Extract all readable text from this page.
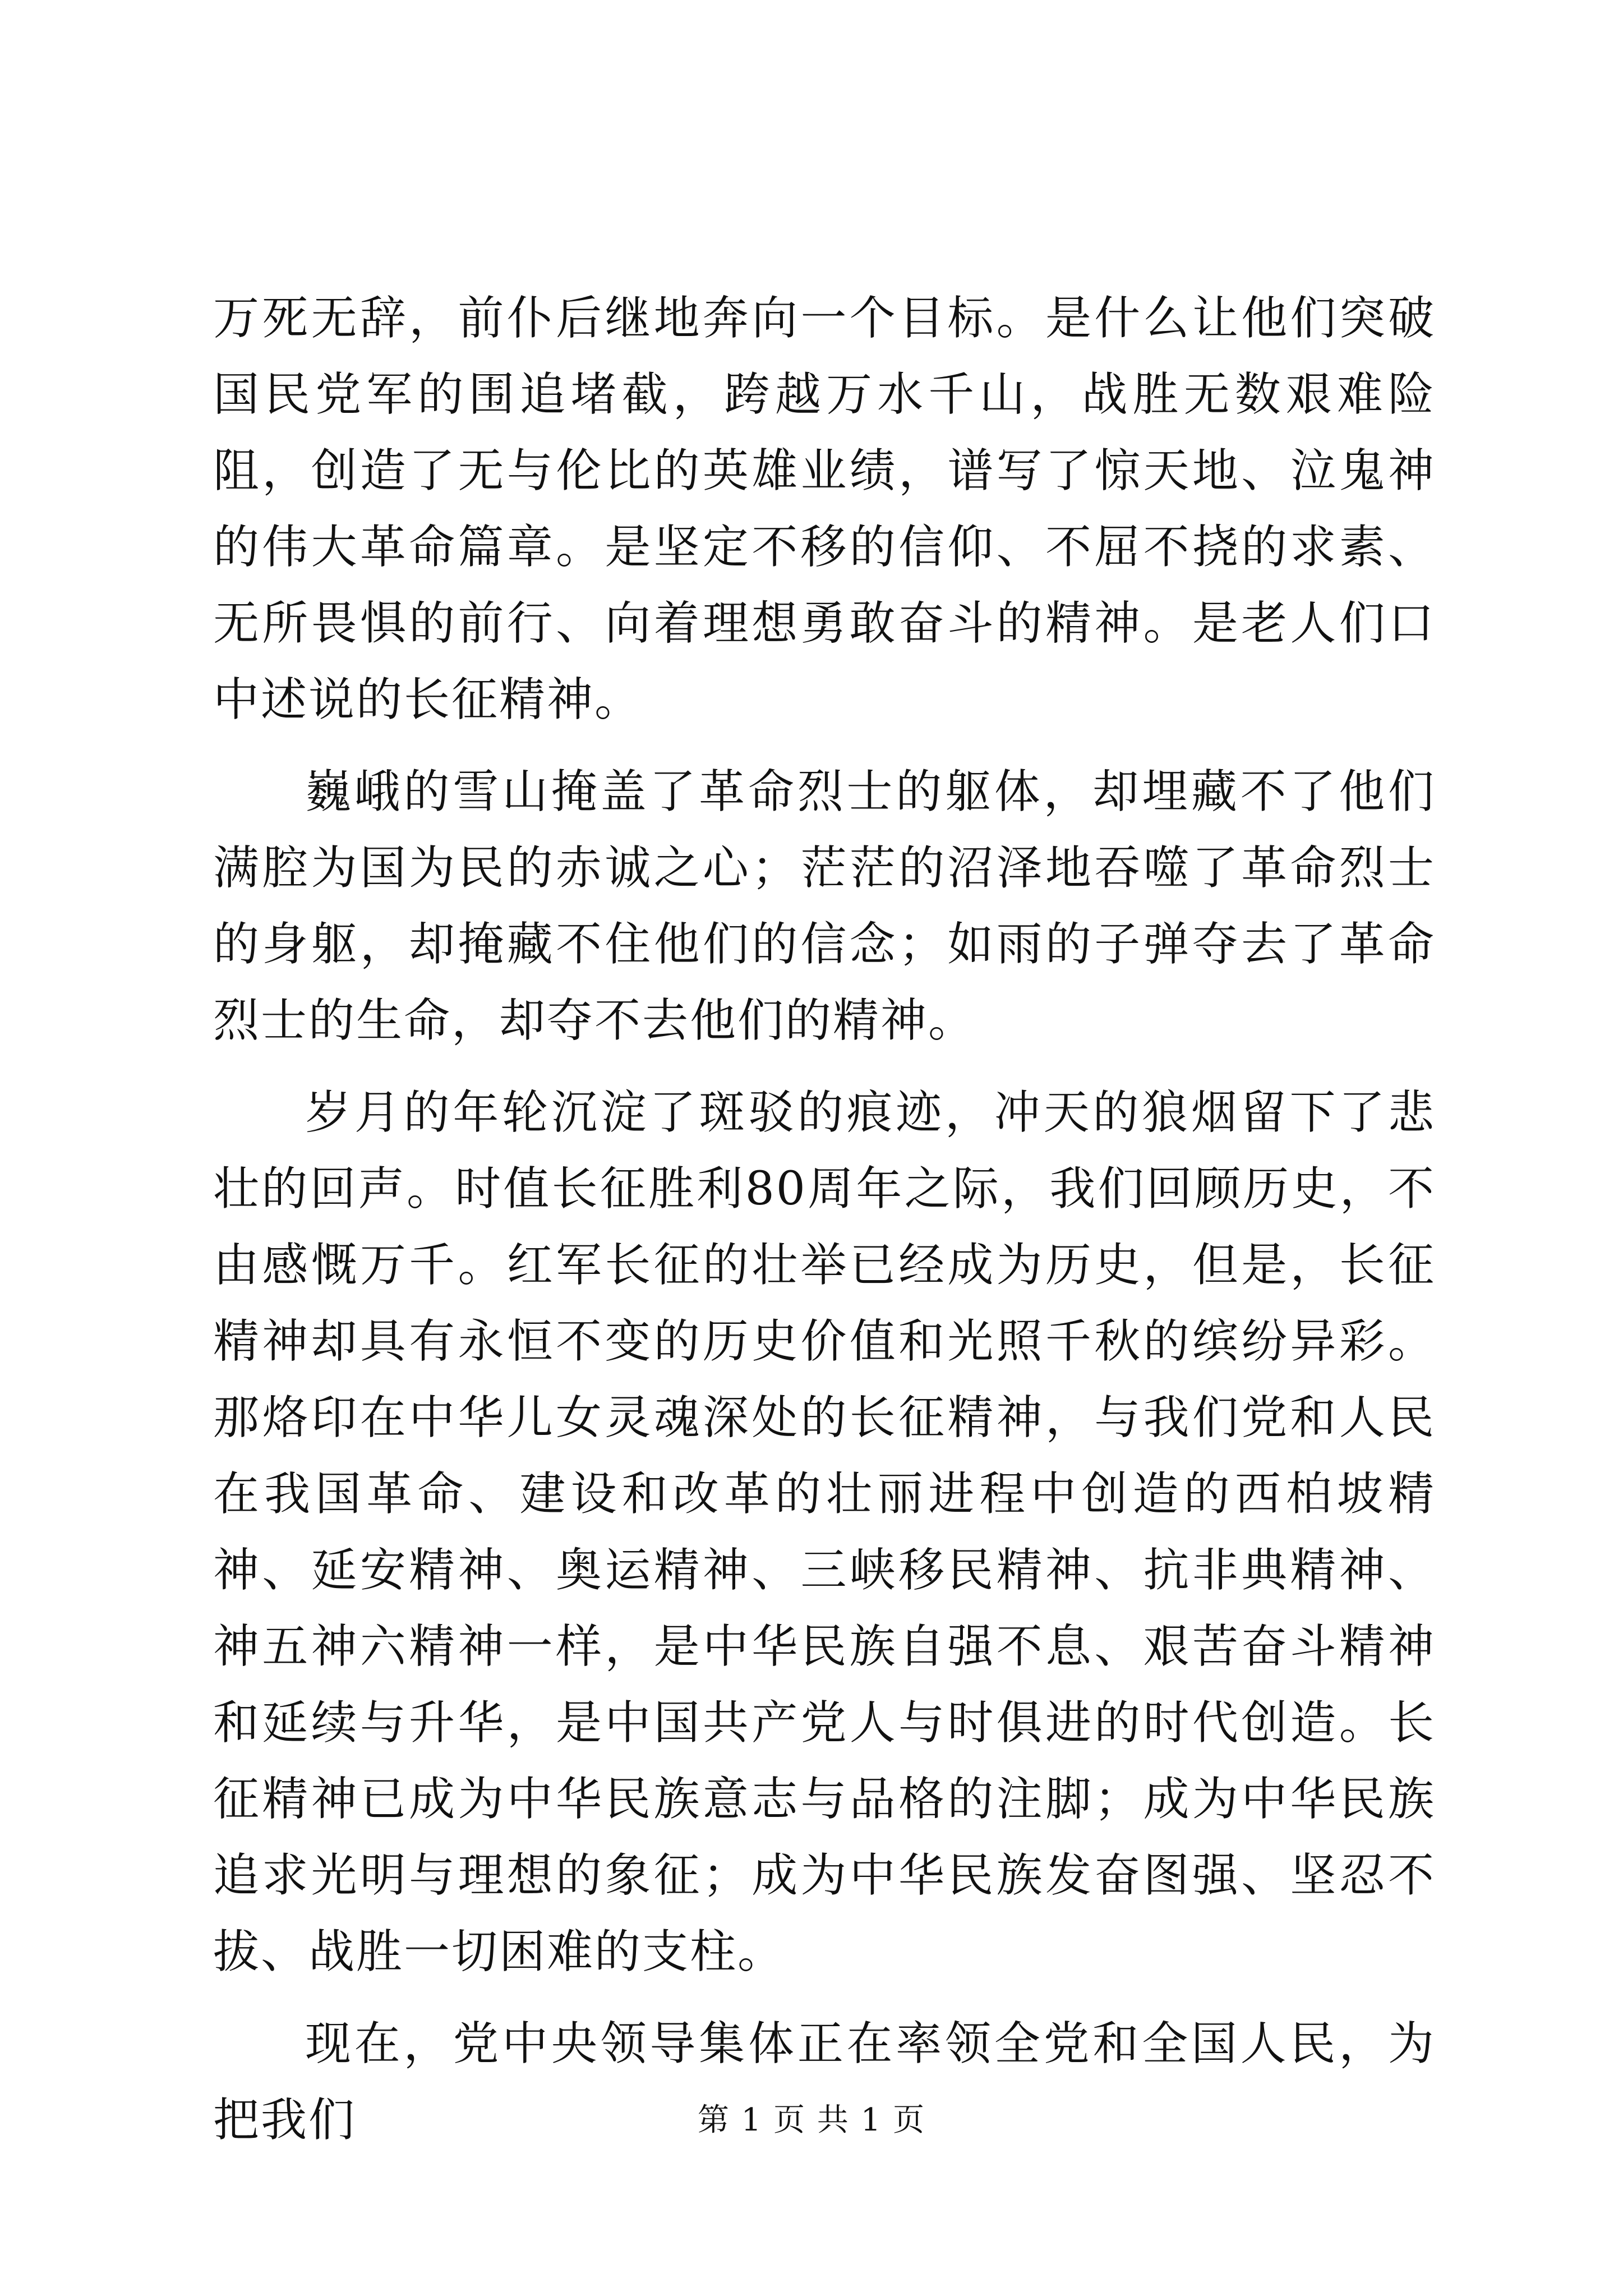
万死无辞，前仆后继地奔向一个目标。是什么让他们突破国民党军的围追堵截，跨越万水千山，战胜无数艰难险阻，创造了无与伦比的英雄业绩，谱写了惊天地、泣鬼神的伟大革命篇章。是坚定不移的信仰、不屈不挠的求素、无所畏惧的前行、向着理想勇敢奋斗的精神。是老人们口中述说的长征精神。

巍峨的雪山掩盖了革命烈士的躯体，却埋藏不了他们满腔为国为民的赤诚之心；茫茫的沼泽地吞噬了革命烈士的身躯，却掩藏不住他们的信念；如雨的子弹夺去了革命烈士的生命，却夺不去他们的精神。

岁月的年轮沉淀了斑驳的痕迹，冲天的狼烟留下了悲壮的回声。时值长征胜利80周年之际，我们回顾历史，不由感慨万千。红军长征的壮举已经成为历史，但是，长征精神却具有永恒不变的历史价值和光照千秋的缤纷异彩。那烙印在中华儿女灵魂深处的长征精神，与我们党和人民在我国革命、建设和改革的壮丽进程中创造的西柏坡精神、延安精神、奥运精神、三峡移民精神、抗非典精神、神五神六精神一样，是中华民族自强不息、艰苦奋斗精神和延续与升华，是中国共产党人与时俱进的时代创造。长征精神已成为中华民族意志与品格的注脚；成为中华民族追求光明与理想的象征；成为中华民族发奋图强、坚忍不拔、战胜一切困难的支柱。

现在，党中央领导集体正在率领全党和全国人民，为把我们	第 1 页 共 1 页
